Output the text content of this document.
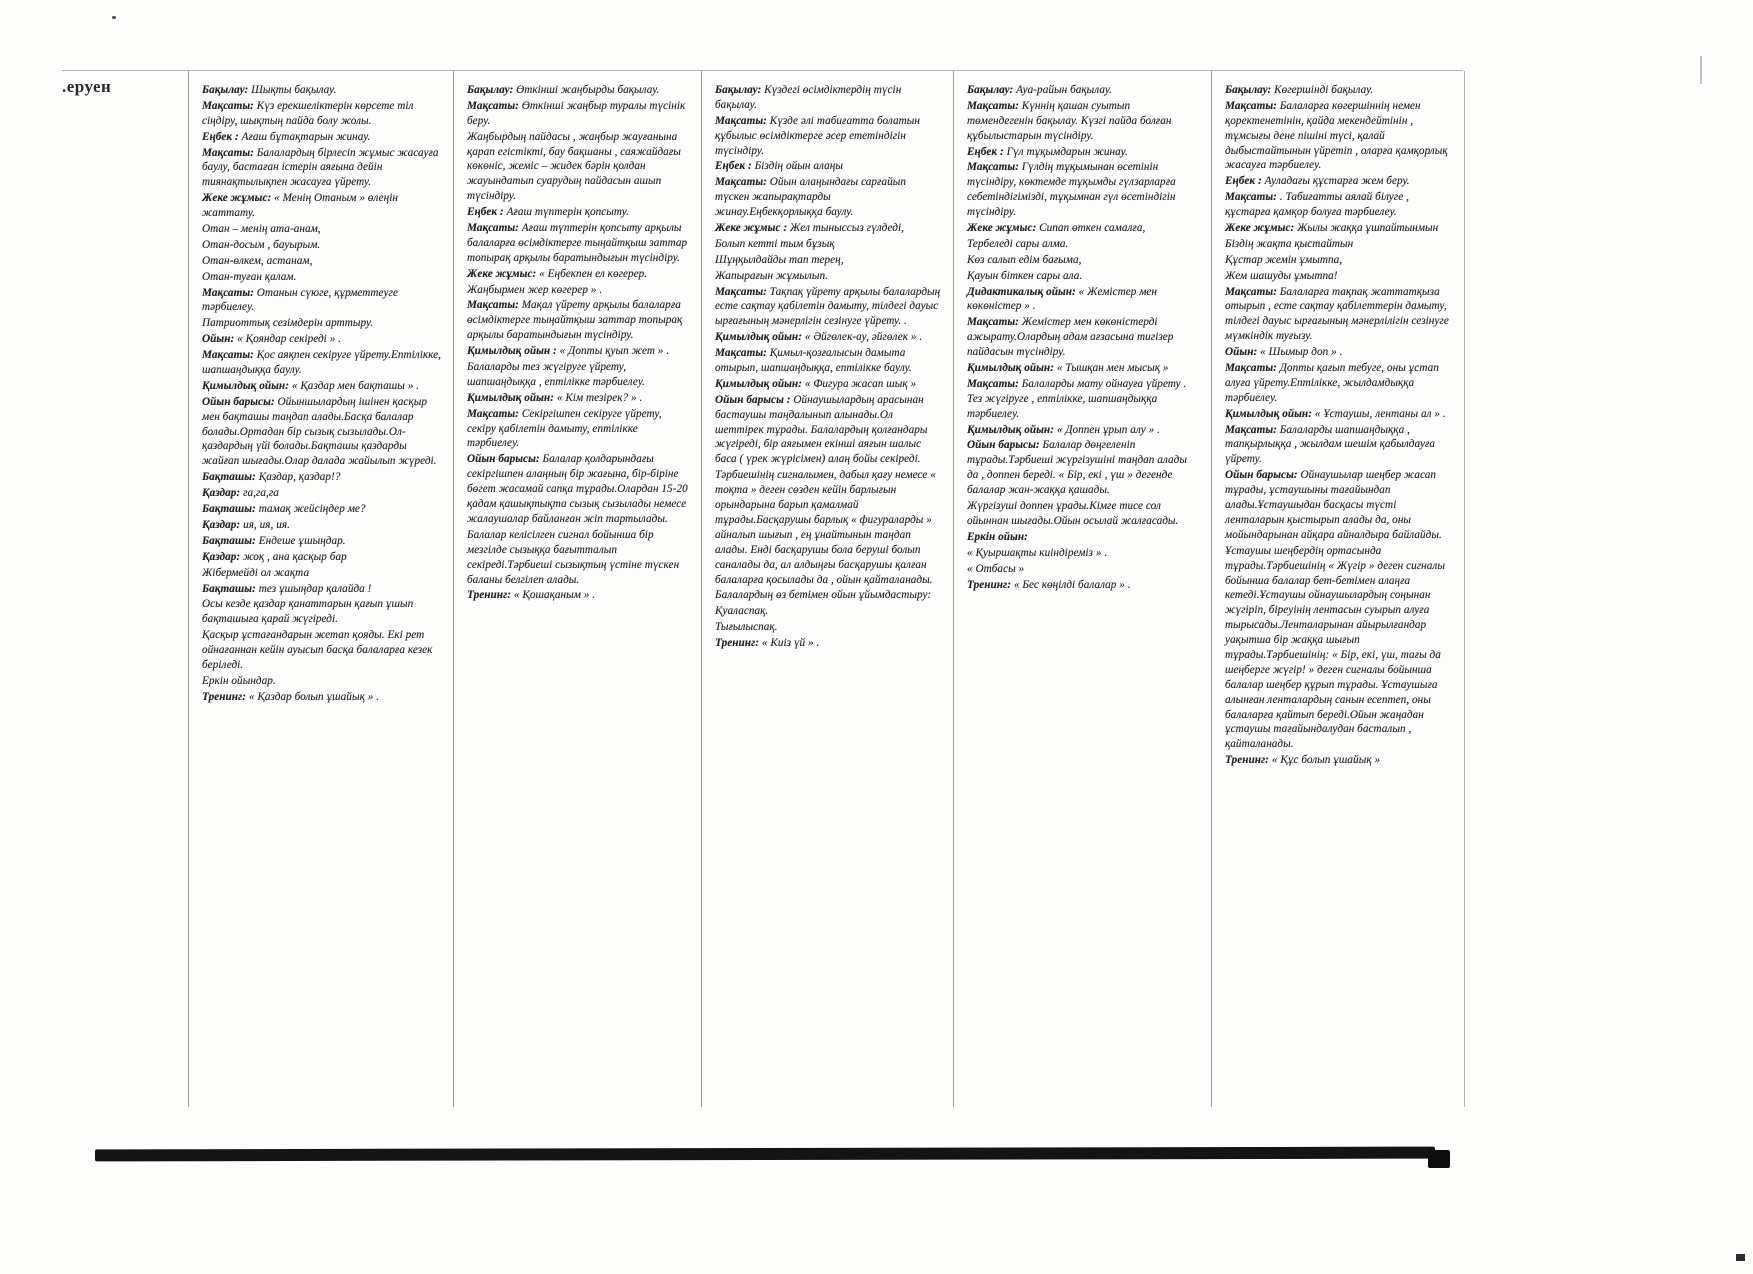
.еруен	Бақылау: Шықты бақылау.

Мақсаты: Күз ерекшеліктерін көрсете тіл сіңдіру, шықтың пайда болу жолы.

Еңбек : Ағаш бұтақтарын жинау.

Мақсаты: Балалардың бірлесіп жұмыс жасауға баулу, бастаған істерін аяғына дейін тиянақтылықпен жасауға үйрету.

Жеке жұмыс: « Менің Отаным » өлеңін жаттату.

Отан – менің ата-анам,

Отан-досым , бауырым.

Отан-өлкем, астанам,

Отан-туған қалам.

Мақсаты: Отанын сүюге, құрметтеуге тәрбиелеу.

Патриоттық сезімдерін арттыру.

Ойын: « Қояндар секіреді » .

Мақсаты: Қос аяқпен секіруге үйрету.Ептілікке, шапшаңдыққа баулу.

Қимылдық ойын: « Қаздар мен бақташы » .

Ойын барысы: Ойыншылардың ішінен қасқыр мен бақташы таңдап алады.Басқа балалар болады.Ортадан бір сызық сызылады.Ол-қаздардың үйі болады.Бақташы қаздарды жайғап шығады.Олар далада жайылып жүреді.

Бақташы: Қаздар, қаздар!?

Қаздар: га,га,га

Бақташы: тамақ жейсіңдер ме?

Қаздар: ия, ия, ия.

Бақташы: Ендеше ұшыңдар.

Қаздар: жоқ , ана қасқыр бар

Жібермейді ол жақта

Бақташы: тез ұшыңдар қалайда !

Осы кезде қаздар қанаттарын қағып ұшып бақташыға қарай жүгіреді.

Қасқыр ұстағандарын жетап қояды. Екі рет ойнағаннан кейін ауысып басқа балаларға кезек беріледі.

Еркін ойындар.

Тренинг: « Қаздар болып ұшайық » .

Бақылау: Өткінші жаңбырды бақылау.

Мақсаты: Өткінші жаңбыр туралы түсінік беру.

Жаңбырдың пайдасы , жаңбыр жауғанына қарап егістікті, бау бақшаны , саяжайдағы көкөніс, жеміс – жидек бәрін қолдан жауындатып суарудың пайдасын ашып түсіндіру.

Еңбек : Ағаш түптерін қопсыту.

Мақсаты: Ағаш түптерін қопсыту арқылы балаларға өсімдіктерге тыңайтқыш заттар топырақ арқылы баратындығын түсіндіру.

Жеке жұмыс: « Еңбекпен ел көгерер.

Жаңбырмен жер көгерер » .

Мақсаты: Мақал үйрету арқылы балаларға өсімдіктерге тыңайтқыш заттар топырақ арқылы баратындығын түсіндіру.

Қимылдық ойын : « Допты қуып жет » .

Балаларды тез жүгіруге үйрету, шапшаңдыққа , ептілікке тәрбиелеу.

Қимылдық ойын: « Кім тезірек? » .

Мақсаты: Секіргішпен секіруге үйрету, секіру қабілетін дамыту, ептілікке тәрбиелеу.

Ойын барысы: Балалар қолдарындағы секіргішпен алаңның бір жағына, бір-біріне бөгет жасамай сапқа тұрады.Олардан 15-20 қадам қашықтықта сызық сызылады немесе жалаушалар байланған жіп тартылады.

Балалар келісілген сигнал бойынша бір мезгілде сызыққа бағытталып секіреді.Тәрбиеші сызықтың үстіне түскен баланы белгілеп алады.

Тренинг: « Қошақаным » .

Бақылау: Күздегі өсімдіктердің түсін бақылау.

Мақсаты: Күзде әлі табиғатта болатын құбылыс өсімдіктерге әсер ететіндігін түсіндіру.

Еңбек : Біздің ойын алаңы

Мақсаты: Ойын алаңындағы сарғайып түскен жапырақтарды жинау.Еңбекқорлыққа баулу.

Жеке жұмыс : Жел тыныссыз гүлдеді,

Болып кетті тым бұзық

Шұңқылдайды тап терең,

Жапырағын жұмылып.

Мақсаты: Тақпақ үйрету арқылы балалардың есте сақтау қабілетін дамыту, тілдегі дауыс ырғағының мәнерлігін сезінуге үйрету. .

Қимылдық ойын: « Әйгөлек-ау, әйгөлек » .

Мақсаты: Қимыл-қозғалысын дамыта отырып, шапшаңдыққа, ептілікке баулу.

Қимылдық ойын: « Фигура жасап шық »

Ойын барысы : Ойнаушылардың арасынан бастаушы таңдалынып алынады.Ол шеттірек тұрады. Балалардың қолғандары жүгіреді, бір аяғымен екінші аяғын шалыс баса ( үрек жүрісімен) алаң бойы секіреді.

Тәрбиешінің сигналымен, дабыл қағу немесе « тоқта » деген сөзден кейін барлығын орындарына барып қамалмай тұрады.Басқарушы барлық « фигураларды » айналып шығып , ең ұнайтынын таңдап алады. Енді басқарушы бола беруші болып саналады да, ал алдыңғы басқарушы қалған балаларға қосылады да , ойын қайталанады.

Балалардың өз бетімен ойын ұйымдастыру:

Қуаласпақ.

Тығылыспақ.

Тренинг: « Киіз үй » .

Бақылау: Ауа-райын бақылау.

Мақсаты: Күннің қашан суытып төмендегенін бақылау. Күзгі пайда болған құбылыстарын түсіндіру.

Еңбек : Гүл тұқымдарын жинау.

Мақсаты: Гүлдің тұқымынан өсетінін түсіндіру, көктемде тұқымды гүлзарларға себетіндігімізді, тұқымнан гүл өсетіндігін түсіндіру.

Жеке жұмыс: Сипап өткен самалға,

Тербеледі сары алма.

Көз салып едім бағыма,

Қауын біткен сары ала.

Дидактикалық ойын: « Жемістер мен көкөністер » .

Мақсаты: Жемістер мен көкөністерді ажырату.Олардың адам ағзасына тигізер пайдасын түсіндіру.

Қимылдық ойын: « Тышқан мен мысық »

Мақсаты: Балаларды мату ойнауға үйрету . Тез жүгіруге , ептілікке, шапшаңдыққа тәрбиелеу.

Қимылдық ойын: « Доппен ұрып алу » .

Ойын барысы: Балалар дөңгеленіп тұрады.Тәрбиеші жүргізушіні таңдап алады да , доппен береді. « Бір, екі , үш » дегенде балалар жан-жаққа қашады.

Жүргізуші доппен ұрады.Кімге тисе сол ойыннан шығады.Ойын осылай жалғасады.

Еркін ойын:

« Қуыршақты киіндіреміз » .

« Отбасы »

Тренинг: « Бес көңілді балалар » .

Бақылау: Көгершінді бақылау.

Мақсаты: Балаларға көгершіннің немен қоректенетінін, қайда мекендейтінін , тұмсығы дене пішіні түсі, қалай дыбыстайтынын үйретіп , оларға қамқорлық жасауға тәрбиелеу.

Еңбек : Ауладағы құстарға жем беру.

Мақсаты: . Табиғатты аялай білуге , құстарға қамқор болуға тәрбиелеу.

Жеке жұмыс: Жылы жаққа ұшпайтынмын

Біздің жақта қыстайтын

Құстар жемін ұмытпа,

Жем шашуды ұмытпа!

Мақсаты: Балаларға тақпақ жаттатқыза отырып , есте сақтау қабілеттерін дамыту, тілдегі дауыс ырғағының мәнерлілігін сезінуге мүмкіндік туғызу.

Ойын: « Шымыр доп » .

Мақсаты: Допты қағып тебуге, оны ұстап алуға үйрету.Ептілікке, жылдамдыққа тәрбиелеу.

Қимылдық ойын: « Ұстаушы, лентаны ал » .

Мақсаты: Балаларды шапшаңдыққа , тапқырлыққа , жылдам шешім қабылдауға үйрету.

Ойын барысы: Ойнаушылар шеңбер жасап тұрады, ұстаушыны тағайындап алады.Ұстаушыдан басқасы түсті ленталарын қыстырып алады да, оны мойындарынан айқара айналдыра байлайды.

Ұстаушы шеңбердің ортасында тұрады.Тәрбиешінің « Жүгір » деген сигналы бойынша балалар бет-бетімен алаңға кетеді.Ұстаушы ойнаушылардың соңынан жүгіріп, біреуінің лентасын суырып алуға тырысады.Ленталарынан айырылғандар уақытша бір жаққа шығып тұрады.Тәрбиешінің: « Бір, екі, үш, тағы да шеңберге жүгір! » деген сигналы бойынша балалар шеңбер құрып тұрады. Ұстаушыға алынған ленталардың санын есептеп, оны балаларға қайтып береді.Ойын жаңадан ұстаушы тағайындалудан басталып , қайталанады.

Тренинг: « Құс болып ұшайық »
